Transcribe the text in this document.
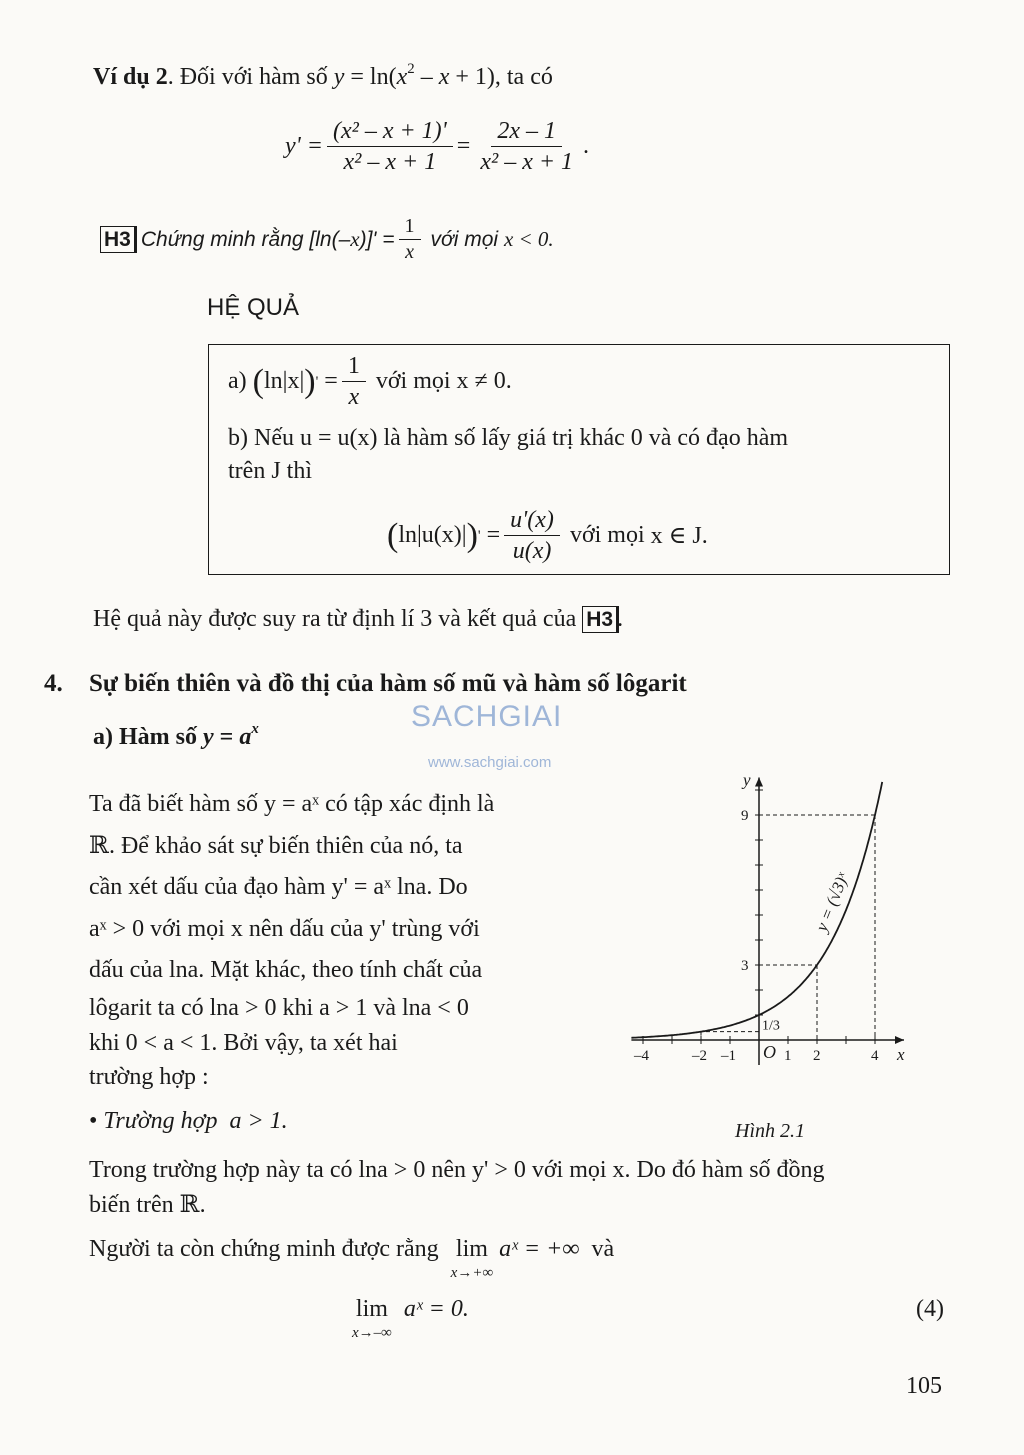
Ví dụ 2. Đối với hàm số $y = \ln(x^2 - x + 1)$, ta có
$y' = \frac{\text{(x² – x + 1)'}}{\text{x² – x + 1}} = \frac{2x - 1}{\text{x² – x + 1}}$ .
H3 Chứng minh rằng [ln(– x )]' = $\frac{1}{x}$ với mọi
x < 0.
HỆ QUẢ
a)
( ln|x| ) '
= $\frac{1}{x}$
với mọi
x ≠ 0.
b) Nếu u = u(x) là hàm số lấy giá trị khác 0 và có đạo hàm
trên J thì
( ln|u(x)| ) '
= $\frac{u'(x)}{u(x)}$
với mọi
x ∈ J.
Hệ quả này được suy ra từ định lí 3 và kết quả của
H3 .
4. Sự biến thiên và đồ thị của hàm số mũ và hàm số lôgarit
SACHGIAI
www.sachgiai.com
a) Hàm số $y = a^x$
Ta đã biết hàm số y = aˣ có tập xác định là
ℝ. Để khảo sát sự biến thiên của nó, ta
cần xét dấu của đạo hàm y' = aˣ lna. Do
aˣ > 0 với mọi x nên dấu của y' trùng với
dấu của lna. Mặt khác, theo tính chất của
lôgarit ta có lna > 0 khi a > 1 và lna < 0
khi 0 < a < 1. Bởi vậy, ta xét hai
trường hợp :
• Trường hợp a > 1.
Trong trường hợp này ta có lna > 0 nên y' > 0 với mọi x. Do đó hàm số đồng
biến trên ℝ.
Người ta còn chứng minh được rằng
lim
x→+∞

aˣ = +∞
và
lim
x→–∞

aˣ = 0.	(4)
105
y
x
O
–4	–2 –1	1 2	4
1/3
3
9
y = (√3)ˣ
Hình 2.1
